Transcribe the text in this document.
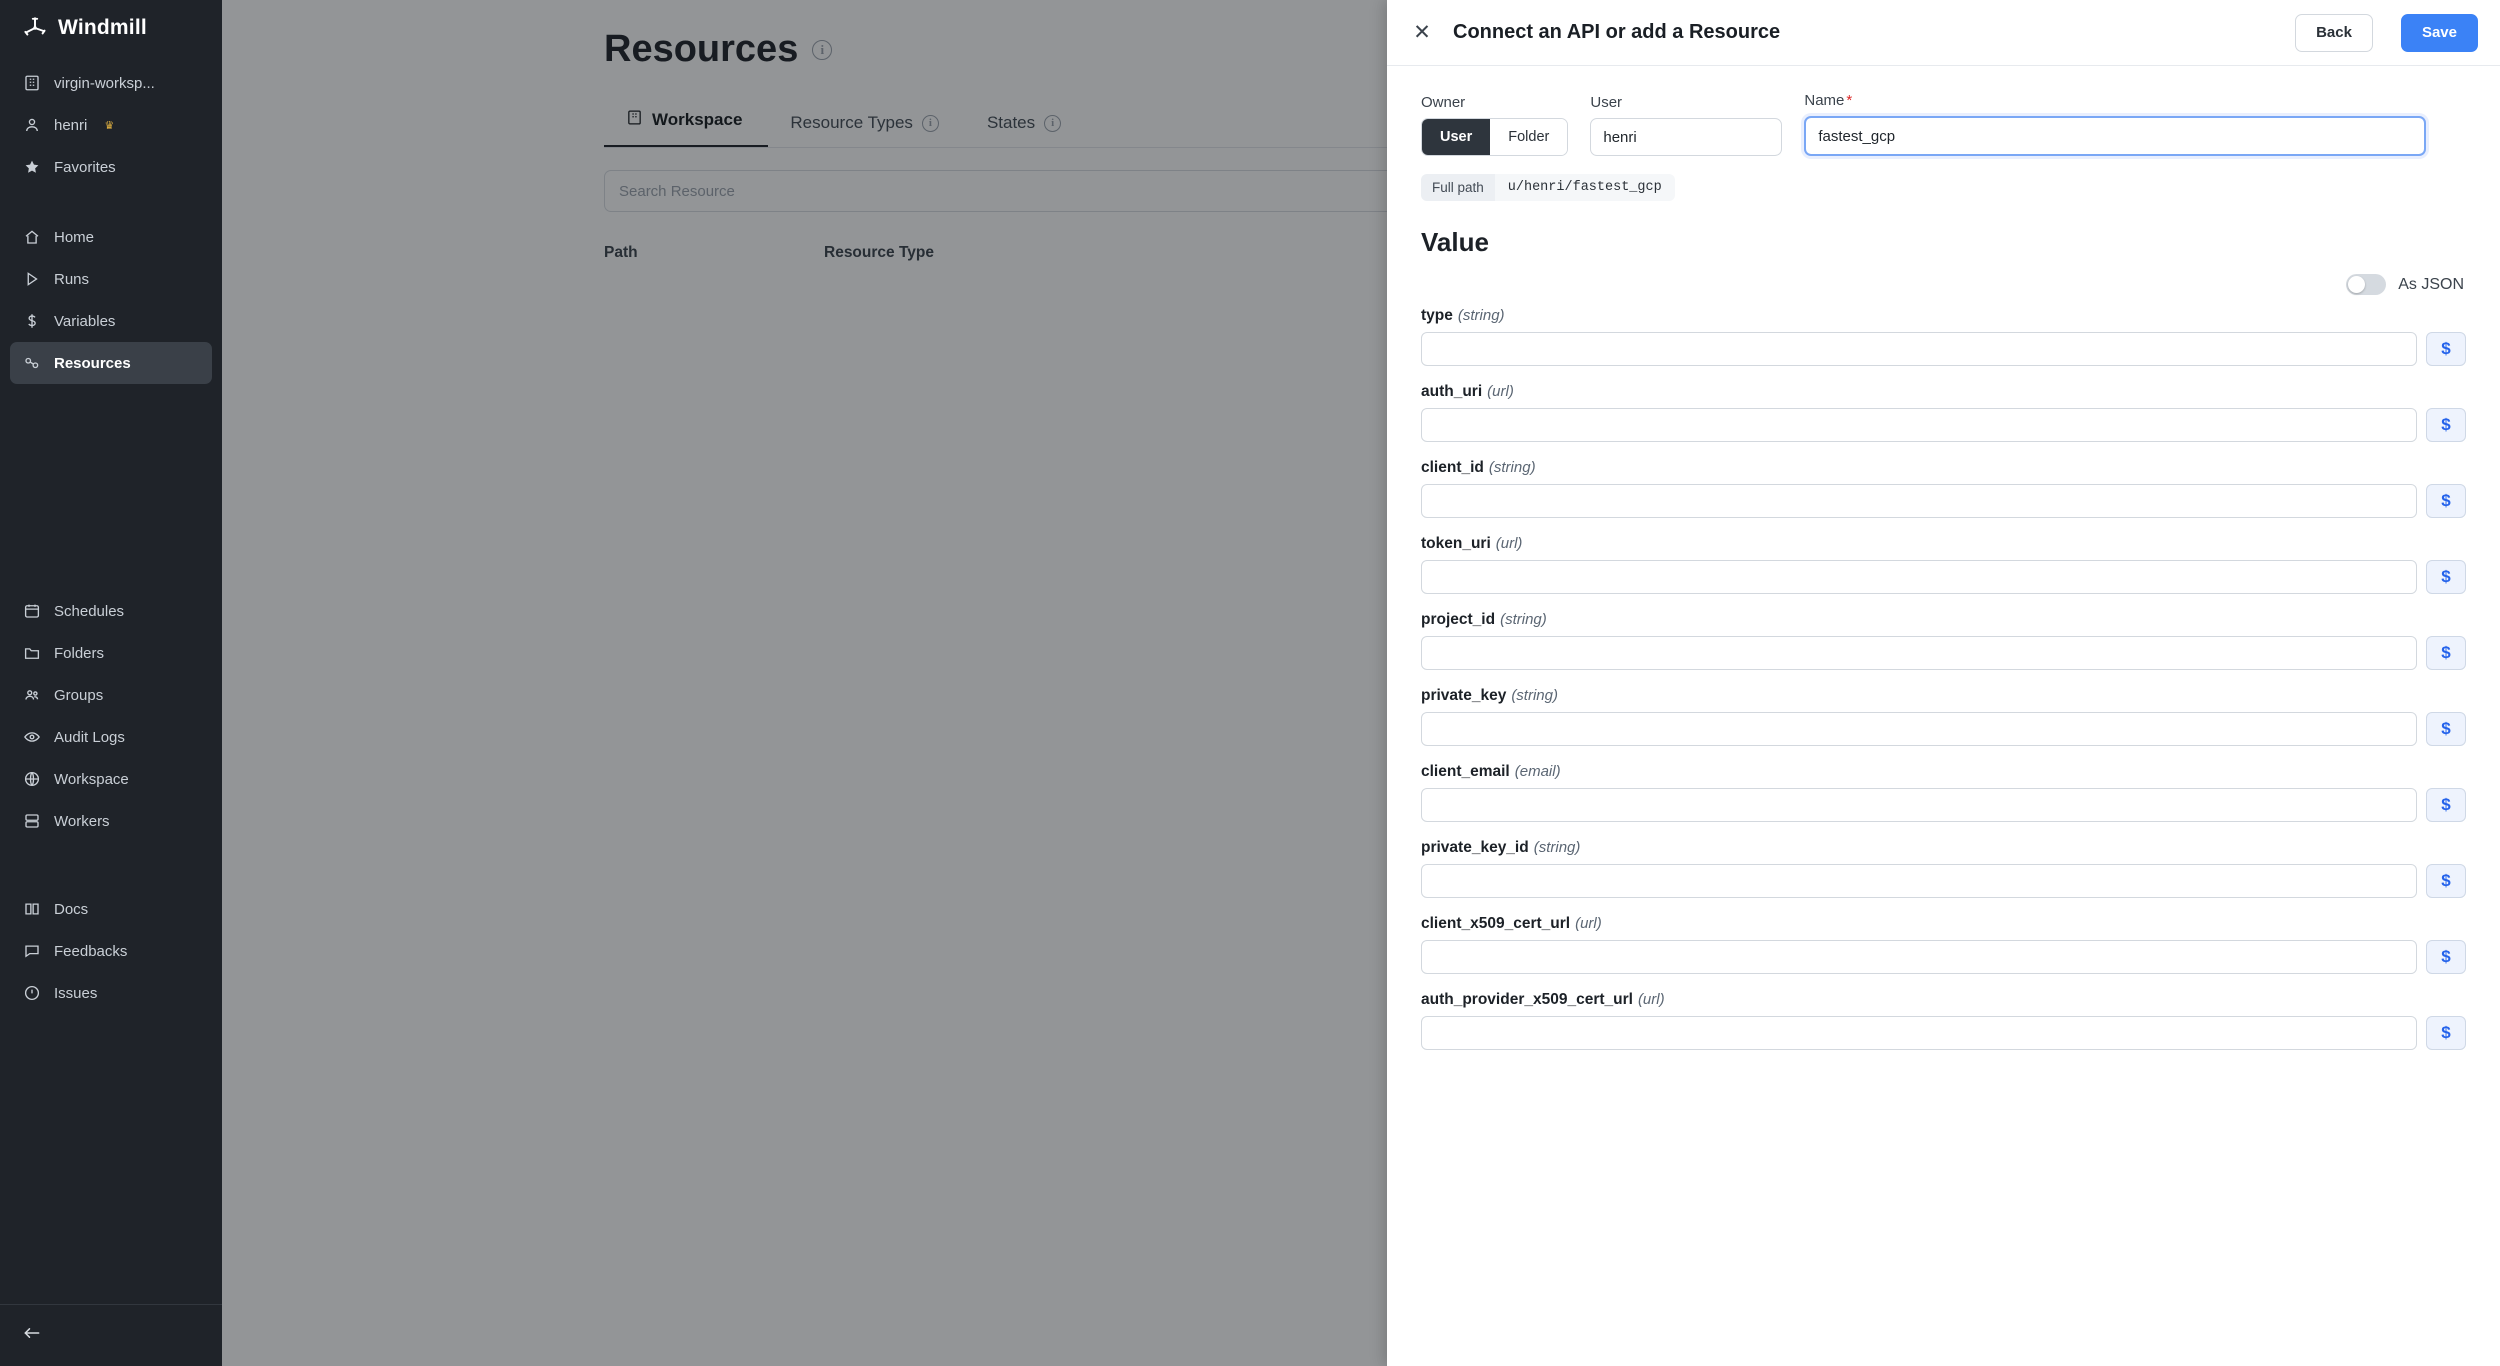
Windmill
virgin-worksp...
henri ♛
Favorites
Home
Runs
Variables
Resources
Schedules
Folders
Groups
Audit Logs
Workspace
Workers
Docs
Feedbacks
Issues
Resources	i
Workspace	Resource Types	i	States	i
Search Resource
Path	Resource Type
✕ Connect an API or add a Resource	Back	Save
Owner
User	Folder
User
henri	Name *
fastest_gcp
Full path	u/henri/fastest_gcp
Value
As JSON
type (string)
$
auth_uri (url)
$
client_id (string)
$
token_uri (url)
$
project_id (string)
$
private_key (string)
$
client_email (email)
$
private_key_id (string)
$
client_x509_cert_url (url)
$
auth_provider_x509_cert_url (url)
$
